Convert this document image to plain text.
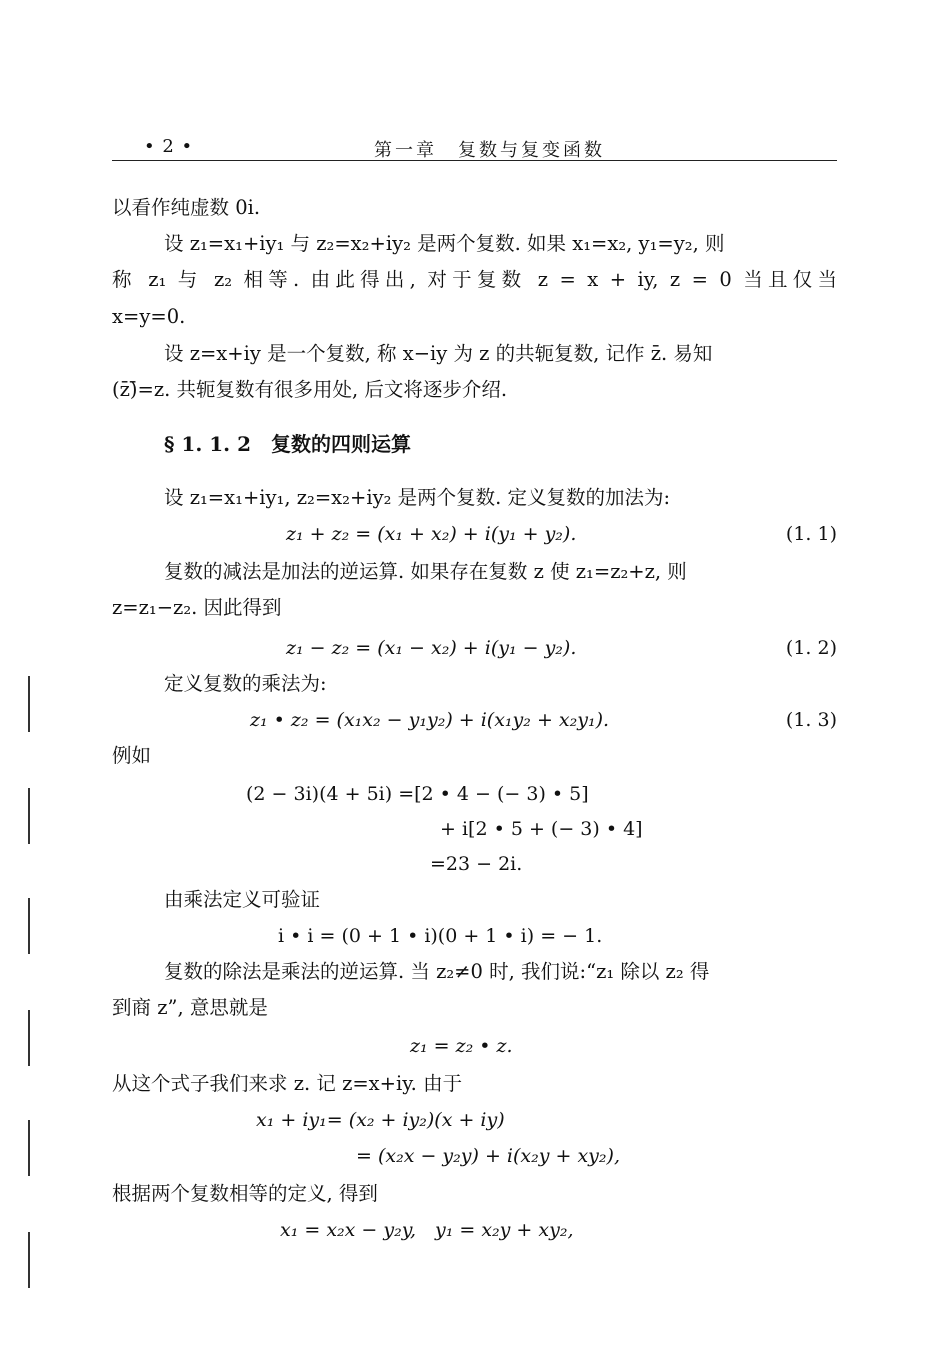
• 2 •	第一章　复数与复变函数
以看作纯虚数 0i.
设 z₁=x₁+iy₁ 与 z₂=x₂+iy₂ 是两个复数. 如果 x₁=x₂, y₁=y₂, 则
称 z₁ 与 z₂ 相等. 由此得出, 对于复数 z = x + iy, z = 0 当且仅当
x=y=0.
设 z=x+iy 是一个复数, 称 x−iy 为 z 的共轭复数, 记作 z̄. 易知
(z̄)̄=z. 共轭复数有很多用处, 后文将逐步介绍.
§ 1. 1. 2　复数的四则运算
设 z₁=x₁+iy₁, z₂=x₂+iy₂ 是两个复数. 定义复数的加法为:
z₁ + z₂ = (x₁ + x₂) + i(y₁ + y₂).	(1. 1)
复数的减法是加法的逆运算. 如果存在复数 z 使 z₁=z₂+z, 则
z=z₁−z₂. 因此得到
z₁ − z₂ = (x₁ − x₂) + i(y₁ − y₂).	(1. 2)
定义复数的乘法为:
z₁ • z₂ = (x₁x₂ − y₁y₂) + i(x₁y₂ + x₂y₁).	(1. 3)
例如
(2 − 3i)(4 + 5i) =[2 • 4 − (− 3) • 5]
+ i[2 • 5 + (− 3) • 4]
=23 − 2i.
由乘法定义可验证
i • i = (0 + 1 • i)(0 + 1 • i) = − 1.
复数的除法是乘法的逆运算. 当 z₂≠0 时, 我们说:“z₁ 除以 z₂ 得
到商 z”, 意思就是
z₁ = z₂ • z.
从这个式子我们来求 z. 记 z=x+iy. 由于
x₁ + iy₁= (x₂ + iy₂)(x + iy)
= (x₂x − y₂y) + i(x₂y + xy₂),
根据两个复数相等的定义, 得到
x₁ = x₂x − y₂y,　y₁ = x₂y + xy₂,
